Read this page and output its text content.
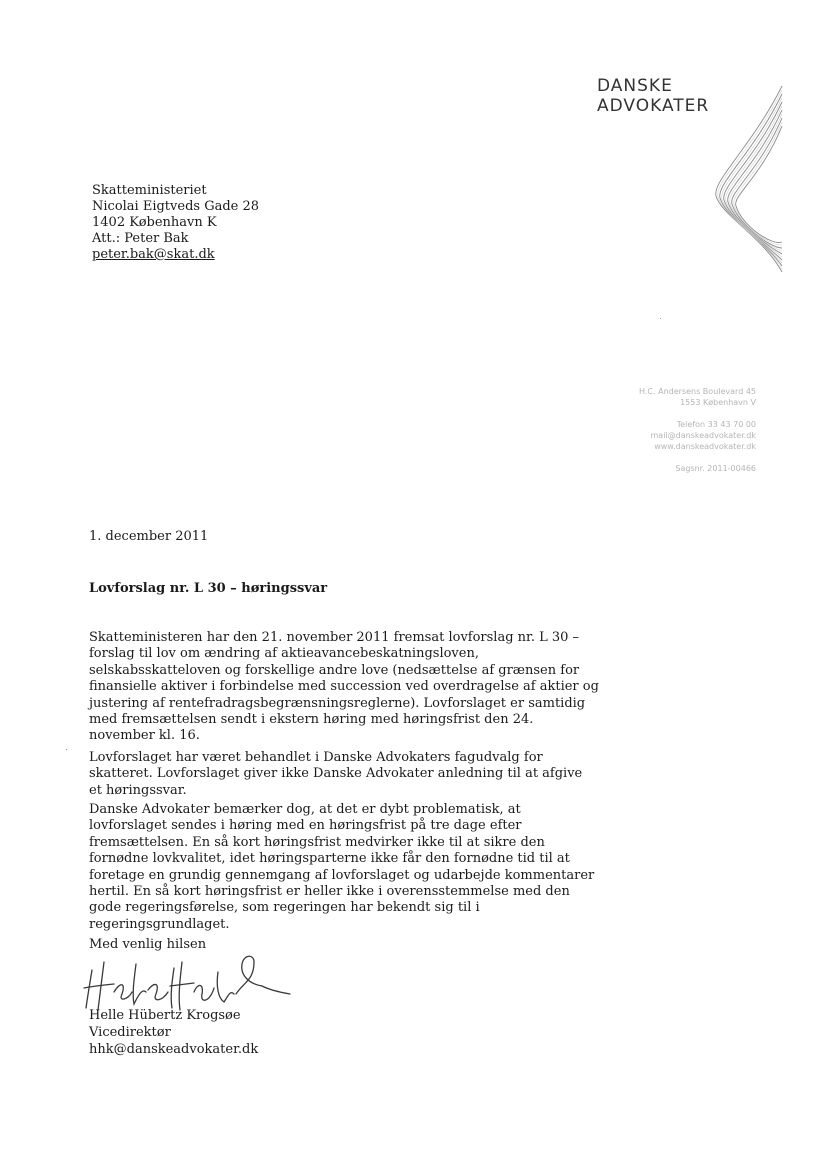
DANSKE
ADVOKATER
Skatteministeriet
Nicolai Eigtveds Gade 28
1402 København K
Att.: Peter Bak
peter.bak@skat.dk
H.C. Andersens Boulevard 45
1553 København V
Telefon 33 43 70 00
mail@danskeadvokater.dk
www.danskeadvokater.dk
Sagsnr. 2011-00466
1. december 2011
Lovforslag nr. L 30 – høringssvar
Skatteministeren har den 21. november 2011 fremsat lovforslag nr. L 30 – forslag til lov om ændring af aktieavancebeskatningsloven, selskabsskatteloven og forskellige andre love (nedsættelse af grænsen for finansielle aktiver i forbindelse med succession ved overdragelse af aktier og justering af rentefradragsbegrænsningsreglerne). Lovforslaget er samtidig med fremsættelsen sendt i ekstern høring med høringsfrist den 24. november kl. 16.
Lovforslaget har været behandlet i Danske Advokaters fagudvalg for skatteret. Lovforslaget giver ikke Danske Advokater anledning til at afgive et høringssvar.
Danske Advokater bemærker dog, at det er dybt problematisk, at lovforslaget sendes i høring med en høringsfrist på tre dage efter fremsættelsen. En så kort høringsfrist medvirker ikke til at sikre den fornødne lovkvalitet, idet høringsparterne ikke får den fornødne tid til at foretage en grundig gennemgang af lovforslaget og udarbejde kommentarer hertil. En så kort høringsfrist er heller ikke i overensstemmelse med den gode regeringsførelse, som regeringen har bekendt sig til i regeringsgrundlaget.
Med venlig hilsen
Helle Hübertz Krogsøe
Vicedirektør
hhk@danskeadvokater.dk
